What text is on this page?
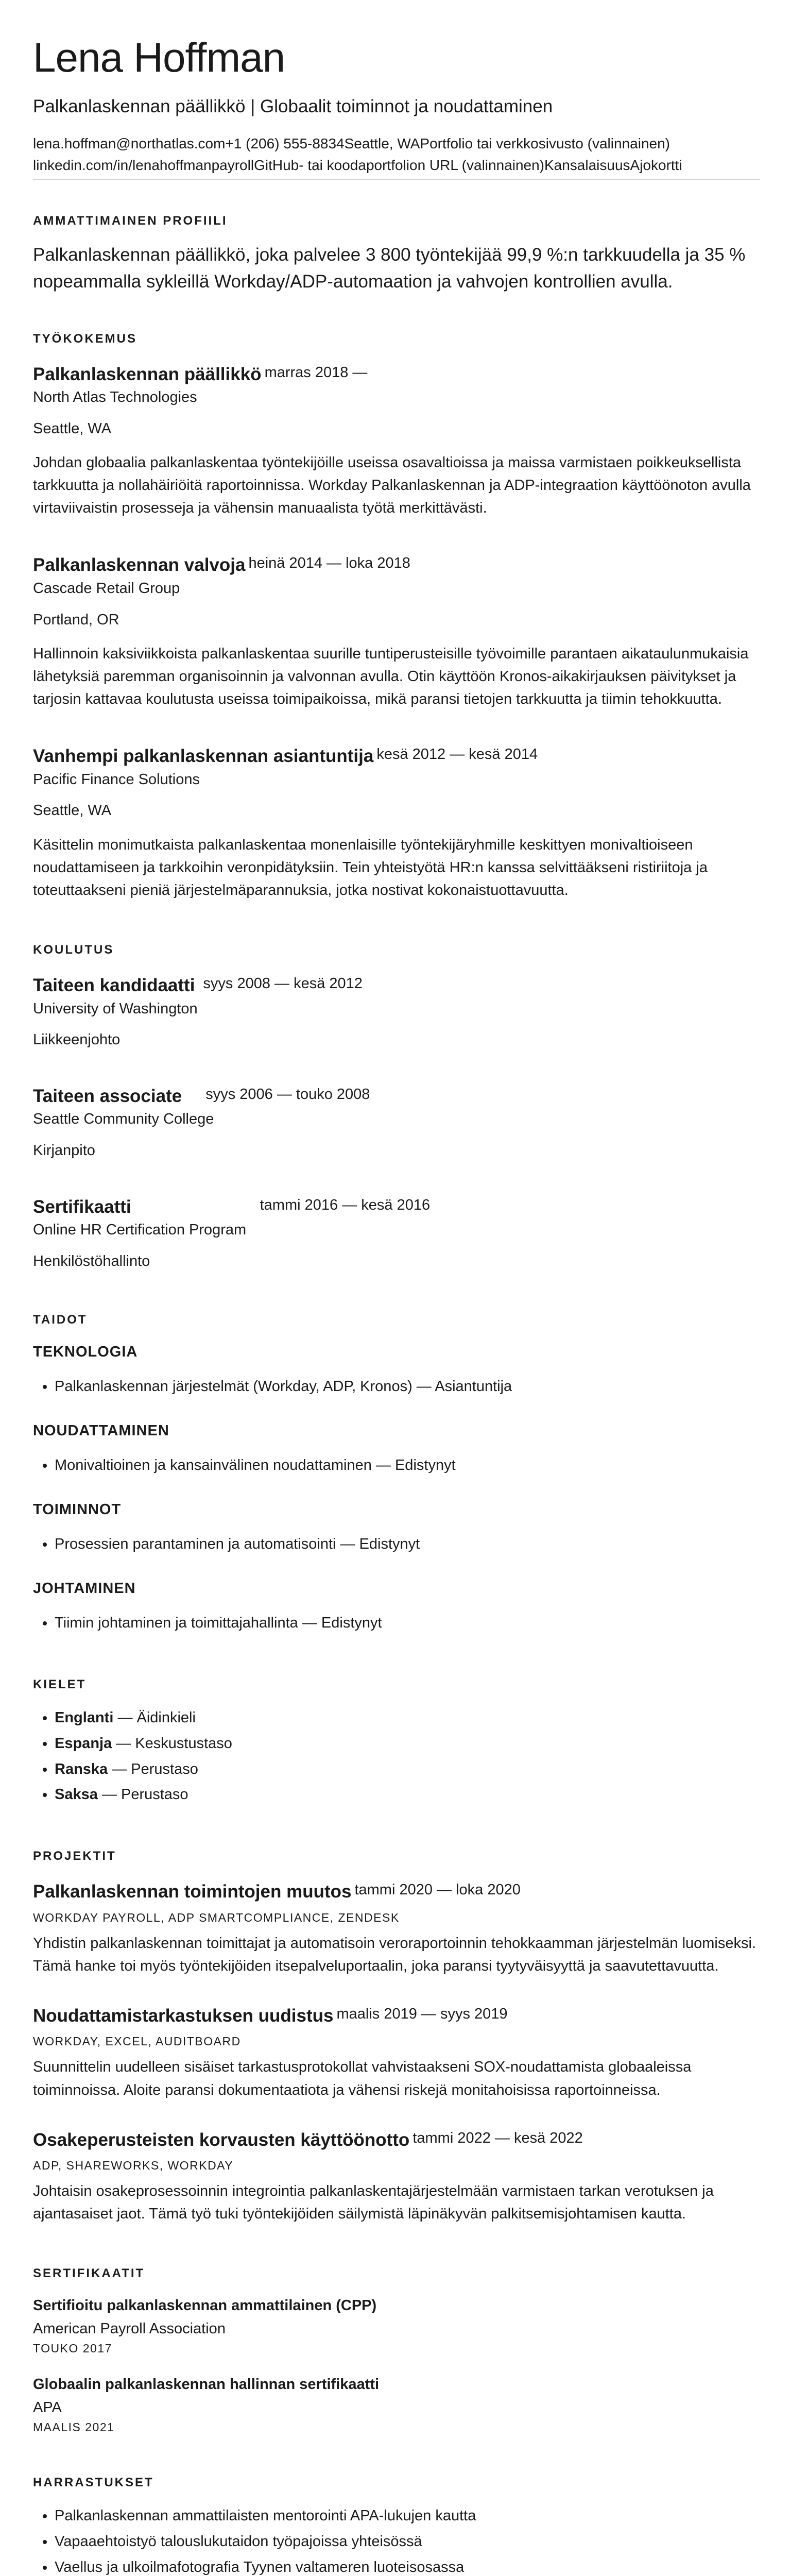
Lena Hoffman
Palkanlaskennan päällikkö | Globaalit toiminnot ja noudattaminen
lena.hoffman@northatlas.com+1 (206) 555-8834Seattle, WAPortfolio tai verkkosivusto (valinnainen)
linkedin.com/in/lenahoffmanpayrollGitHub- tai koodaportfolion URL (valinnainen)KansalaisuusAjokortti
AMMATTIMAINEN PROFIILI

Palkanlaskennan päällikkö, joka palvelee 3 800 työntekijää 99,9 %:n tarkkuudella ja 35 % nopeammalla sykleillä Workday/ADP-automaation ja vahvojen kontrollien avulla.

TYÖKOKEMUS
Palkanlaskennan päällikkö marras 2018 —
North Atlas Technologies
Seattle, WA
Johdan globaalia palkanlaskentaa työntekijöille useissa osavaltioissa ja maissa varmistaen poikkeuksellista tarkkuutta ja nollahäiriöitä raportoinnissa. Workday Palkanlaskennan ja ADP-integraation käyttöönoton avulla virtaviivaistin prosesseja ja vähensin manuaalista työtä merkittävästi.
Palkanlaskennan valvoja heinä 2014 — loka 2018
Cascade Retail Group
Portland, OR
Hallinnoin kaksiviikkoista palkanlaskentaa suurille tuntiperusteisille työvoimille parantaen aikataulunmukaisia lähetyksiä paremman organisoinnin ja valvonnan avulla. Otin käyttöön Kronos-aikakirjauksen päivitykset ja tarjosin kattavaa koulutusta useissa toimipaikoissa, mikä paransi tietojen tarkkuutta ja tiimin tehokkuutta.
Vanhempi palkanlaskennan asiantuntija kesä 2012 — kesä 2014
Pacific Finance Solutions
Seattle, WA
Käsittelin monimutkaista palkanlaskentaa monenlaisille työntekijäryhmille keskittyen monivaltioiseen noudattamiseen ja tarkkoihin veronpidätyksiin. Tein yhteistyötä HR:n kanssa selvittääkseni ristiriitoja ja toteuttaakseni pieniä järjestelmäparannuksia, jotka nostivat kokonaistuottavuutta.
KOULUTUS
Taiteen kandidaatti syys 2008 — kesä 2012
University of Washington
Liikkeenjohto
Taiteen associate syys 2006 — touko 2008
Seattle Community College
Kirjanpito
Sertifikaatti	tammi 2016 — kesä 2016
Online HR Certification Program
Henkilöstöhallinto
TAIDOT
TEKNOLOGIA
• Palkanlaskennan järjestelmät (Workday, ADP, Kronos) — Asiantuntija
NOUDATTAMINEN
• Monivaltioinen ja kansainvälinen noudattaminen — Edistynyt
TOIMINNOT
• Prosessien parantaminen ja automatisointi — Edistynyt
JOHTAMINEN
• Tiimin johtaminen ja toimittajahallinta — Edistynyt
KIELET
• Englanti — Äidinkieli
• Espanja — Keskustustaso
• Ranska — Perustaso
• Saksa — Perustaso
PROJEKTIT
Palkanlaskennan toimintojen muutos tammi 2020 — loka 2020
WORKDAY PAYROLL, ADP SMARTCOMPLIANCE, ZENDESK
Yhdistin palkanlaskennan toimittajat ja automatisoin veroraportoinnin tehokkaamman järjestelmän luomiseksi. Tämä hanke toi myös työntekijöiden itsepalveluportaalin, joka paransi tyytyväisyyttä ja saavutettavuutta.
Noudattamistarkastuksen uudistus maalis 2019 — syys 2019
WORKDAY, EXCEL, AUDITBOARD
Suunnittelin uudelleen sisäiset tarkastusprotokollat vahvistaakseni SOX-noudattamista globaaleissa toiminnoissa. Aloite paransi dokumentaatiota ja vähensi riskejä monitahoisissa raportoinneissa.
Osakeperusteisten korvausten käyttöönotto tammi 2022 — kesä 2022
ADP, SHAREWORKS, WORKDAY
Johtaisin osakeprosessoinnin integrointia palkanlaskentajärjestelmään varmistaen tarkan verotuksen ja ajantasaiset jaot. Tämä työ tuki työntekijöiden säilymistä läpinäkyvän palkitsemisjohtamisen kautta.
SERTIFIKAATIT
Sertifioitu palkanlaskennan ammattilainen (CPP)
American Payroll Association
TOUKO 2017
Globaalin palkanlaskennan hallinnan sertifikaatti
APA
MAALIS 2021
HARRASTUKSET
• Palkanlaskennan ammattilaisten mentorointi APA-lukujen kautta
• Vapaaehtoistyö talouslukutaidon työpajoissa yhteisössä
• Vaellus ja ulkoilmafotografia Tyynen valtameren luoteisosassa
